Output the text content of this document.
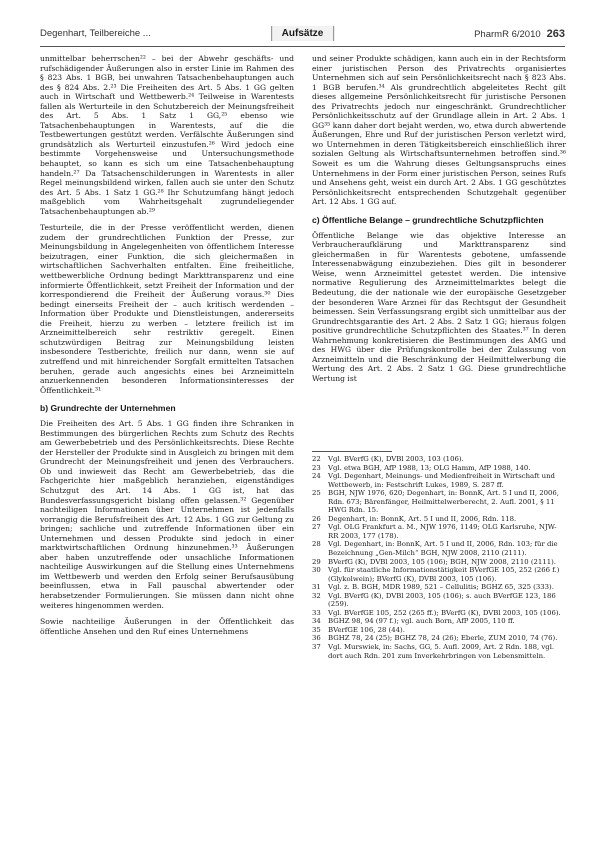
Degenhart, Teilbereiche ...	Aufsätze	PharmR 6/2010 263

unmittelbar beherrschen²² – bei der Abwehr geschäfts- und rufschädigender Äußerungen also in erster Linie im Rahmen des § 823 Abs. 1 BGB, bei unwahren Tatsachenbehauptungen auch des § 824 Abs. 2.²³ Die Freiheiten des Art. 5 Abs. 1 GG gelten auch in Wirtschaft und Wettbewerb.²⁴ Teilweise in Warentests fallen als Werturteile in den Schutzbereich der Meinungsfreiheit des Art. 5 Abs. 1 Satz 1 GG,²⁵ ebenso wie Tatsachenbehauptungen in Warentests, auf die die Testbewertungen gestützt werden. Verfälschte Äußerungen sind grundsätzlich als Werturteil einzustufen.²⁶ Wird jedoch eine bestimmte Vorgehensweise und Untersuchungsmethode behauptet, so kann es sich um eine Tatsachenbehauptung handeln.²⁷ Da Tatsachenschilderungen in Warentests in aller Regel meinungsbildend wirken, fallen auch sie unter den Schutz des Art. 5 Abs. 1 Satz 1 GG.²⁸ Ihr Schutzumfang hängt jedoch maßgeblich vom Wahrheitsgehalt zugrundeliegender Tatsachenbehauptungen ab.²⁹

Testurteile, die in der Presse veröffentlicht werden, dienen zudem der grundrechtlichen Funktion der Presse, zur Meinungsbildung in Angelegenheiten von öffentlichem Interesse beizutragen, einer Funktion, die sich gleichermaßen in wirtschaftlichen Sachverhalten entfalten. Eine freiheitliche, wettbewerbliche Ordnung bedingt Markttransparenz und eine informierte Öffentlichkeit, setzt Freiheit der Information und der korrespondierend die Freiheit der Äußerung voraus.³⁰ Dies bedingt einerseits Freiheit der – auch kritisch werdenden – Information über Produkte und Dienstleistungen, andererseits die Freiheit, hierzu zu werben – letztere freilich ist im Arzneimittelbereich sehr restriktiv geregelt. Einen schutzwürdigen Beitrag zur Meinungsbildung leisten insbesondere Testberichte, freilich nur dann, wenn sie auf zutreffend und mit hinreichender Sorgfalt ermittelten Tatsachen beruhen, gerade auch angesichts eines bei Arzneimitteln anzuerkennenden besonderen Informationsinteresses der Öffentlichkeit.³¹

b) Grundrechte der Unternehmen

Die Freiheiten des Art. 5 Abs. 1 GG finden ihre Schranken in Bestimmungen des bürgerlichen Rechts zum Schutz des Rechts am Gewerbebetrieb und des Persönlichkeitsrechts. Diese Rechte der Hersteller der Produkte sind in Ausgleich zu bringen mit dem Grundrecht der Meinungsfreiheit und jenen des Verbrauchers. Ob und inwieweit das Recht am Gewerbebetrieb, das die Fachgerichte hier maßgeblich heranziehen, eigenständiges Schutzgut des Art. 14 Abs. 1 GG ist, hat das Bundesverfassungsgericht bislang offen gelassen.³² Gegenüber nachteiligen Informationen über Unternehmen ist jedenfalls vorrangig die Berufsfreiheit des Art. 12 Abs. 1 GG zur Geltung zu bringen; sachliche und zutreffende Informationen über ein Unternehmen und dessen Produkte sind jedoch in einer marktwirtschaftlichen Ordnung hinzunehmen.³³ Äußerungen aber haben unzutreffende oder unsachliche Informationen nachteilige Auswirkungen auf die Stellung eines Unternehmens im Wettbewerb und werden den Erfolg seiner Berufsausübung beeinflussen, etwa in Fall pauschal abwertender oder herabsetzender Formulierungen. Sie müssen dann nicht ohne weiteres hingenommen werden.

Sowie nachteilige Äußerungen in der Öffentlichkeit das öffentliche Ansehen und den Ruf eines Unternehmens

und seiner Produkte schädigen, kann auch ein in der Rechtsform einer juristischen Person des Privatrechts organisiertes Unternehmen sich auf sein Persönlichkeitsrecht nach § 823 Abs. 1 BGB berufen.³⁴ Als grundrechtlich abgeleitetes Recht gilt dieses allgemeine Persönlichkeitsrecht für juristische Personen des Privatrechts jedoch nur eingeschränkt. Grundrechtlicher Persönlichkeitsschutz auf der Grundlage allein in Art. 2 Abs. 1 GG³⁵ kann daher dort bejaht werden, wo, etwa durch abwertende Äußerungen, Ehre und Ruf der juristischen Person verletzt wird, wo Unternehmen in deren Tätigkeitsbereich einschließlich ihrer sozialen Geltung als Wirtschaftsunternehmen betroffen sind.³⁶ Soweit es um die Wahrung dieses Geltungsanspruchs eines Unternehmens in der Form einer juristischen Person, seines Rufs und Ansehens geht, weist ein durch Art. 2 Abs. 1 GG geschütztes Persönlichkeitsrecht entsprechenden Schutzgehalt gegenüber Art. 12 Abs. 1 GG auf.

c) Öffentliche Belange – grundrechtliche Schutzpflichten

Öffentliche Belange wie das objektive Interesse an Verbraucheraufklärung und Markttransparenz sind gleichermaßen in für Warentests gebotene, umfassende Interessenabwägung einzubeziehen. Dies gilt in besonderer Weise, wenn Arzneimittel getestet werden. Die intensive normative Regulierung des Arzneimittelmarktes belegt die Bedeutung, die der nationale wie der europäische Gesetzgeber der besonderen Ware Arznei für das Rechtsgut der Gesundheit beimessen. Sein Verfassungsrang ergibt sich unmittelbar aus der Grundrechtsgarantie des Art. 2 Abs. 2 Satz 1 GG; hieraus folgen positive grundrechtliche Schutzpflichten des Staates.³⁷ In deren Wahrnehmung konkretisieren die Bestimmungen des AMG und des HWG über die Prüfungskontrolle bei der Zulassung von Arzneimitteln und die Beschränkung der Heilmittelwerbung die Wertung des Art. 2 Abs. 2 Satz 1 GG. Diese grundrechtliche Wertung ist

22	Vgl. BVerfG (K), DVBl 2003, 103 (106).
23	Vgl. etwa BGH, AfP 1988, 13; OLG Hamm, AfP 1988, 140.
24	Vgl. Degenhart, Meinungs- und Medienfreiheit in Wirtschaft und Wettbewerb, in: Festschrift Lukes, 1989, S. 287 ff.
25	BGH, NJW 1976, 620; Degenhart, in: BonnK, Art. 5 I und II, 2006, Rdn. 673; Bärenfänger, Heilmittelwerberecht, 2. Aufl. 2001, § 11 HWG Rdn. 15.
26	Degenhart, in: BonnK, Art. 5 I und II, 2006, Rdn. 118.
27	Vgl. OLG Frankfurt a. M., NJW 1976, 1149; OLG Karlsruhe, NJW-RR 2003, 177 (178).
28	Vgl. Degenhart, in: BonnK, Art. 5 I und II, 2006, Rdn. 103; für die Bezeichnung „Gen-Milch“ BGH, NJW 2008, 2110 (2111).
29	BVerfG (K), DVBl 2003, 105 (106); BGH, NJW 2008, 2110 (2111).
30	Vgl. für staatliche Informationstätigkeit BVerfGE 105, 252 (266 f.) (Glykolwein); BVerfG (K), DVBl 2003, 105 (106).
31	Vgl. z. B. BGH, MDR 1989, 521 – Cellulitis; BGHZ 65, 325 (333).
32	Vgl. BVerfG (K), DVBl 2003, 105 (106); s. auch BVerfGE 123, 186 (259).
33	Vgl. BVerfGE 105, 252 (265 ff.); BVerfG (K), DVBl 2003, 105 (106).
34	BGHZ 98, 94 (97 f.); vgl. auch Born, AfP 2005, 110 ff.
35	BVerfGE 106, 28 (44).
36	BGHZ 78, 24 (25); BGHZ 78, 24 (26); Eberle, ZUM 2010, 74 (76).
37	Vgl. Murswiek, in: Sachs, GG, 5. Aufl. 2009, Art. 2 Rdn. 188, vgl. dort auch Rdn. 201 zum Inverkehrbringen von Lebensmitteln.
